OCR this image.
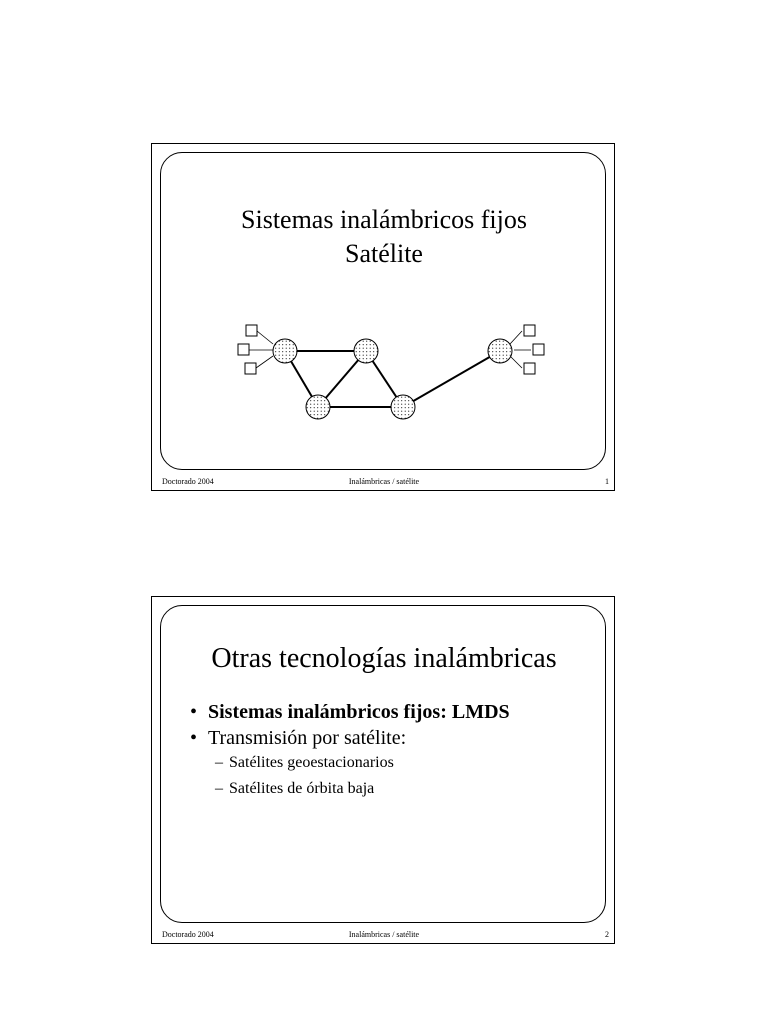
Sistemas inalámbricos fijos
Satélite
Doctorado 2004	Inalámbricas / satélite	1
Otras tecnologías inalámbricas
• Sistemas inalámbricos fijos: LMDS
• Transmisión por satélite:
– Satélites geoestacionarios
– Satélites de órbita baja
Doctorado 2004	Inalámbricas / satélite	2
